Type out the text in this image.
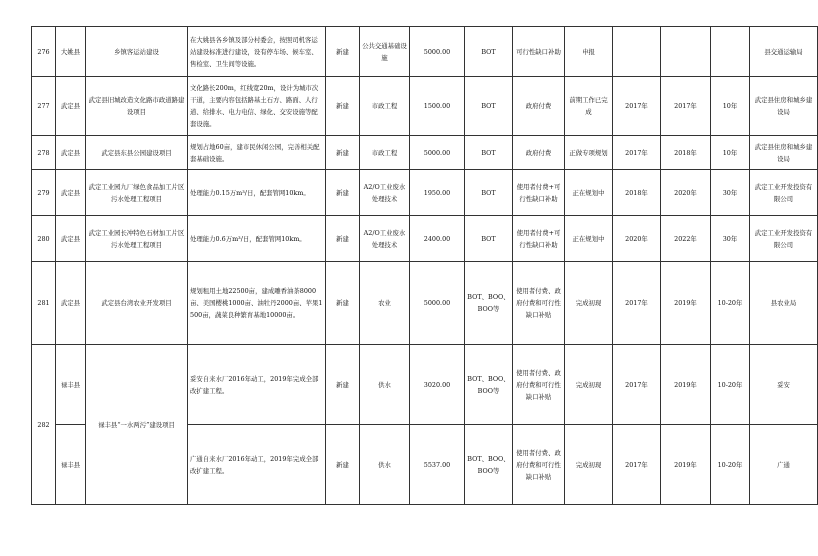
276	大姚县	乡镇客运站建设	在大姚县各乡镇及部分村委会，按照司机客运站建设标准进行建设，设有停车场、候车室、售检室、卫生间等设施。	新建	公共交通基础设施	5000.00	BOT	可行性缺口补助	申报				县交通运输局
277	武定县	武定县旧城改造文化路市政道路建设项目	文化路长200m，红线宽20m，设计为城市次干道，主要内容包括路基土石方、路面、人行道、给排水、电力电信、绿化、交安设施等配套设施。	新建	市政工程	1500.00	BOT	政府付费	前期工作已完成	2017年	2017年	10年	武定县住房和城乡建设局
278	武定县	武定县东县公园建设项目	规划占地60亩，建市民休闲公园，完善相关配套基础设施。	新建	市政工程	5000.00	BOT	政府付费	正做专项规划	2017年	2018年	10年	武定县住房和城乡建设局
279	武定县	武定工业园九厂绿色食品加工片区污水处理工程项目	处理能力0.15万m³/日，配套管网10km。	新建	A2/O工业废水处理技术	1950.00	BOT	使用者付费+可行性缺口补助	正在规划中	2018年	2020年	30年	武定工业开发投资有限公司
280	武定县	武定工业园长冲特色石材加工片区污水处理工程项目	处理能力0.6万m³/日，配套管网10km。	新建	A2/O工业废水处理技术	2400.00	BOT	使用者付费+可行性缺口补助	正在规划中	2020年	2022年	30年	武定工业开发投资有限公司
281	武定县	武定县台湾农业开发项目	规划租用土地22500亩，建成雕香油茶8000亩、美国樱桃1000亩、油牡丹2000亩、苹果1500亩，蔬菜良种繁育基地10000亩。	新建	农业	5000.00	BOT、BOO、BOO等	使用者付费、政府付费和可行性缺口补贴	完成初现	2017年	2019年	10-20年	县农业局
282	禄丰县	禄丰县“一水两污”建设项目	妥安自来水厂2016年动工，2019年完成全部改扩建工程。	新建	供水	3020.00	BOT、BOO、BOO等	使用者付费、政府付费和可行性缺口补贴	完成初现	2017年	2019年	10-20年	妥安
	禄丰县		广通自来水厂2016年动工，2019年完成全部改扩建工程。	新建	供水	5537.00	BOT、BOO、BOO等	使用者付费、政府付费和可行性缺口补贴	完成初现	2017年	2019年	10-20年	广通
